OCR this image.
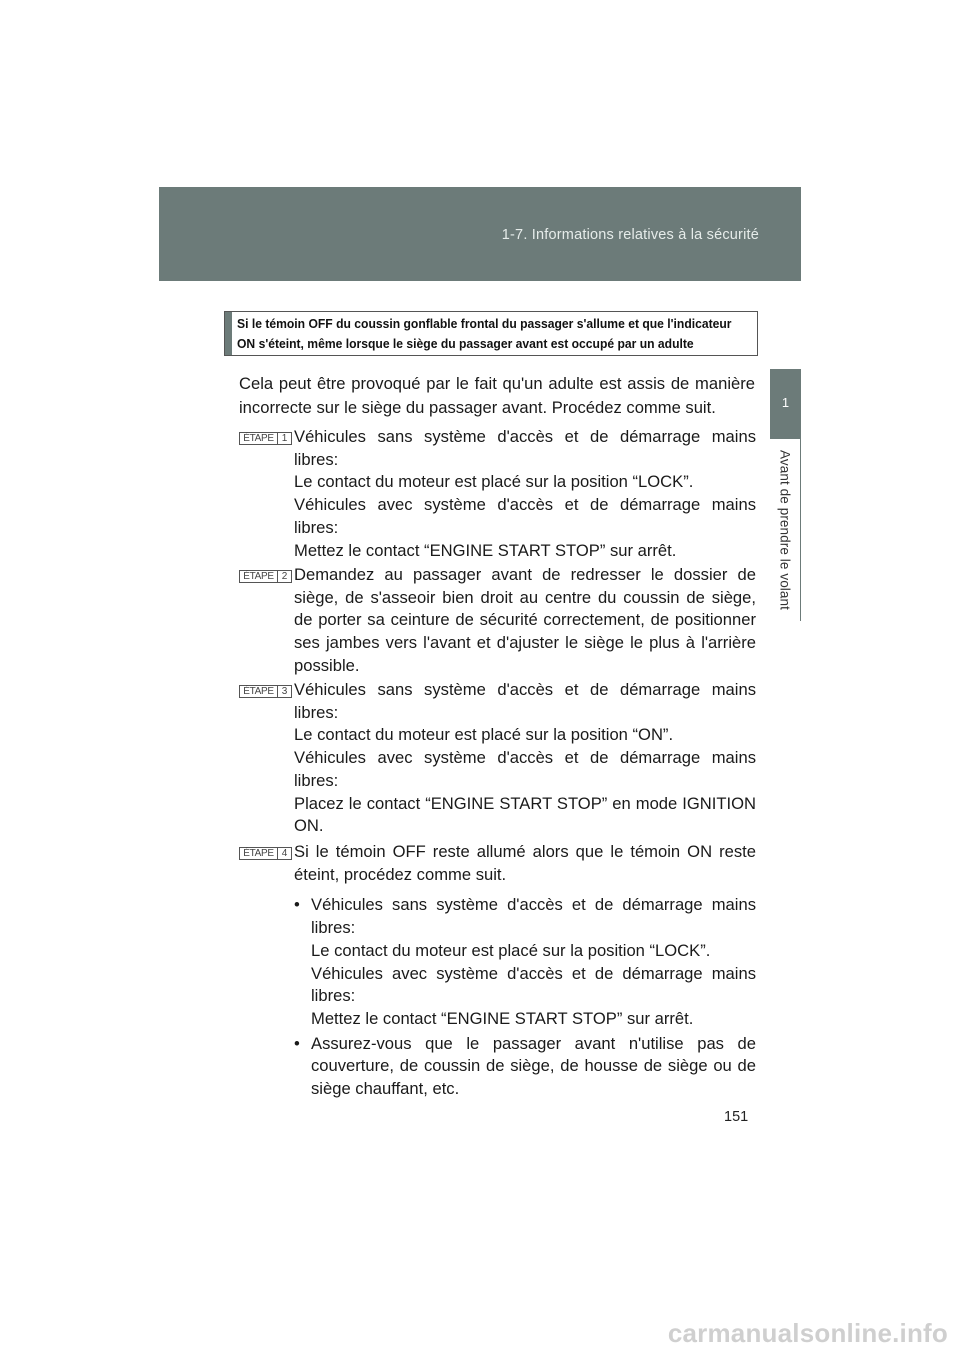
1-7. Informations relatives à la sécurité
1
Avant de prendre le volant
Si le témoin OFF du coussin gonflable frontal du passager s'allume et que l'indicateur
ON s'éteint, même lorsque le siège du passager avant est occupé par un adulte
Cela peut être provoqué par le fait qu'un adulte est assis de manière incorrecte sur le siège du passager avant. Procédez comme suit.
ÉTAPE 1 Véhicules sans système d'accès et de démarrage mains libres:

Le contact du moteur est placé sur la position “LOCK”.

Véhicules avec système d'accès et de démarrage mains libres:

Mettez le contact “ENGINE START STOP” sur arrêt.

ÉTAPE 2 Demandez au passager avant de redresser le dossier de siège, de s'asseoir bien droit au centre du coussin de siège, de porter sa ceinture de sécurité correctement, de positionner ses jambes vers l'avant et d'ajuster le siège le plus à l'arrière possible.

ÉTAPE 3 Véhicules sans système d'accès et de démarrage mains libres:

Le contact du moteur est placé sur la position “ON”.

Véhicules avec système d'accès et de démarrage mains libres:

Placez le contact “ENGINE START STOP” en mode IGNITION ON.

ÉTAPE 4 Si le témoin OFF reste allumé alors que le témoin ON reste éteint, procédez comme suit.

• Véhicules sans système d'accès et de démarrage mains libres:

Le contact du moteur est placé sur la position “LOCK”.

Véhicules avec système d'accès et de démarrage mains libres:

Mettez le contact “ENGINE START STOP” sur arrêt.

• Assurez-vous que le passager avant n'utilise pas de couverture, de coussin de siège, de housse de siège ou de siège chauffant, etc.

151
carmanualsonline.info
